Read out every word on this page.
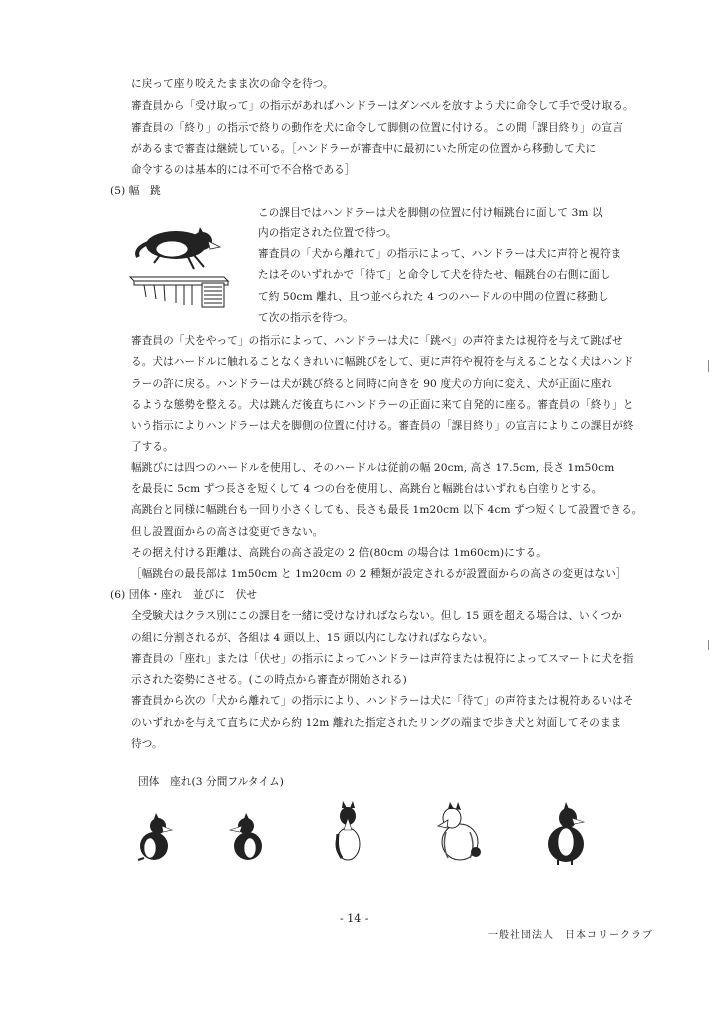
に戻って座り咬えたまま次の命令を待つ。
審査員から「受け取って」の指示があればハンドラーはダンベルを放すよう犬に命令して手で受け取る。
審査員の「終り」の指示で終りの動作を犬に命令して脚側の位置に付ける。この間「課目終り」の宣言
があるまで審査は継続している。［ハンドラーが審査中に最初にいた所定の位置から移動して犬に
命令するのは基本的には不可で不合格である］
(5) 幅　跳
この課目ではハンドラーは犬を脚側の位置に付け幅跳台に面して 3m 以
内の指定された位置で待つ。
審査員の「犬から離れて」の指示によって、ハンドラーは犬に声符と視符ま
たはそのいずれかで「待て」と命令して犬を待たせ、幅跳台の右側に面し
て約 50cm 離れ、且つ並べられた 4 つのハードルの中間の位置に移動し
て次の指示を待つ。
審査員の「犬をやって」の指示によって、ハンドラーは犬に「跳べ」の声符または視符を与えて跳ばせ
る。犬はハードルに触れることなくきれいに幅跳びをして、更に声符や視符を与えることなく犬はハンド
ラーの許に戻る。ハンドラーは犬が跳び終ると同時に向きを 90 度犬の方向に変え、犬が正面に座れ
るような態勢を整える。犬は跳んだ後直ちにハンドラーの正面に来て自発的に座る。審査員の「終り」と
いう指示によりハンドラーは犬を脚側の位置に付ける。審査員の「課目終り」の宣言によりこの課目が終
了する。
幅跳びには四つのハードルを使用し、そのハードルは従前の幅 20cm, 高さ 17.5cm, 長さ 1m50cm
を最長に 5cm ずつ長さを短くして 4 つの台を使用し、高跳台と幅跳台はいずれも白塗りとする。
高跳台と同様に幅跳台も一回り小さくしても、長さも最長 1m20cm 以下 4cm ずつ短くして設置できる。
但し設置面からの高さは変更できない。
その据え付ける距離は、高跳台の高さ設定の 2 倍(80cm の場合は 1m60cm)にする。
［幅跳台の最長部は 1m50cm と 1m20cm の 2 種類が設定されるが設置面からの高さの変更はない］
(6) 団体・座れ　並びに　伏せ
全受験犬はクラス別にこの課目を一緒に受けなければならない。但し 15 頭を超える場合は、いくつか
の組に分割されるが、各組は 4 頭以上、15 頭以内にしなければならない。
審査員の「座れ」または「伏せ」の指示によってハンドラーは声符または視符によってスマートに犬を指
示された姿勢にさせる。(この時点から審査が開始される)
審査員から次の「犬から離れて」の指示により、ハンドラーは犬に「待て」の声符または視符あるいはそ
のいずれかを与えて直ちに犬から約 12m 離れた指定されたリングの端まで歩き犬と対面してそのまま
待つ。
団体　座れ(3 分間フルタイム)
- 14 -
一般社団法人　日本コリークラブ
